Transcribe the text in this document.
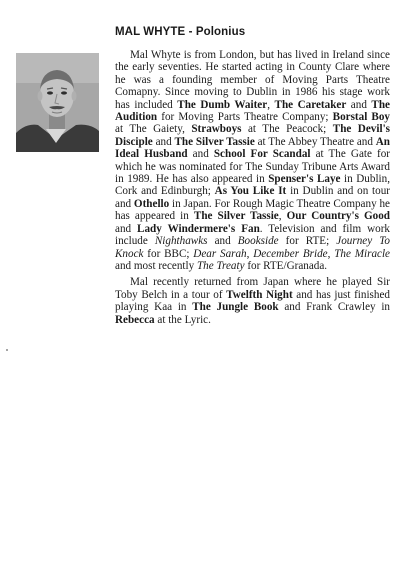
MAL WHYTE - Polonius

Mal Whyte is from London, but has lived in Ireland since the early seventies. He started acting in County Clare where he was a founding member of Moving Parts Theatre Comapny. Since moving to Dublin in 1986 his stage work has included The Dumb Waiter, The Caretaker and The Audition for Moving Parts Theatre Company; Borstal Boy at The Gaiety, Strawboys at The Peacock; The Devil's Disciple and The Silver Tassie at The Abbey Theatre and An Ideal Husband and School For Scandal at The Gate for which he was nominated for The Sunday Tribune Arts Award in 1989. He has also appeared in Spenser's Laye in Dublin, Cork and Edinburgh; As You Like It in Dublin and on tour and Othello in Japan. For Rough Magic Theatre Company he has appeared in The Silver Tassie, Our Country's Good and Lady Windermere's Fan. Television and film work include Nighthawks and Bookside for RTE; Journey To Knock for BBC; Dear Sarah, December Bride, The Miracle and most recently The Treaty for RTE/Granada.

Mal recently returned from Japan where he played Sir Toby Belch in a tour of Twelfth Night and has just finished playing Kaa in The Jungle Book and Frank Crawley in Rebecca at the Lyric.
